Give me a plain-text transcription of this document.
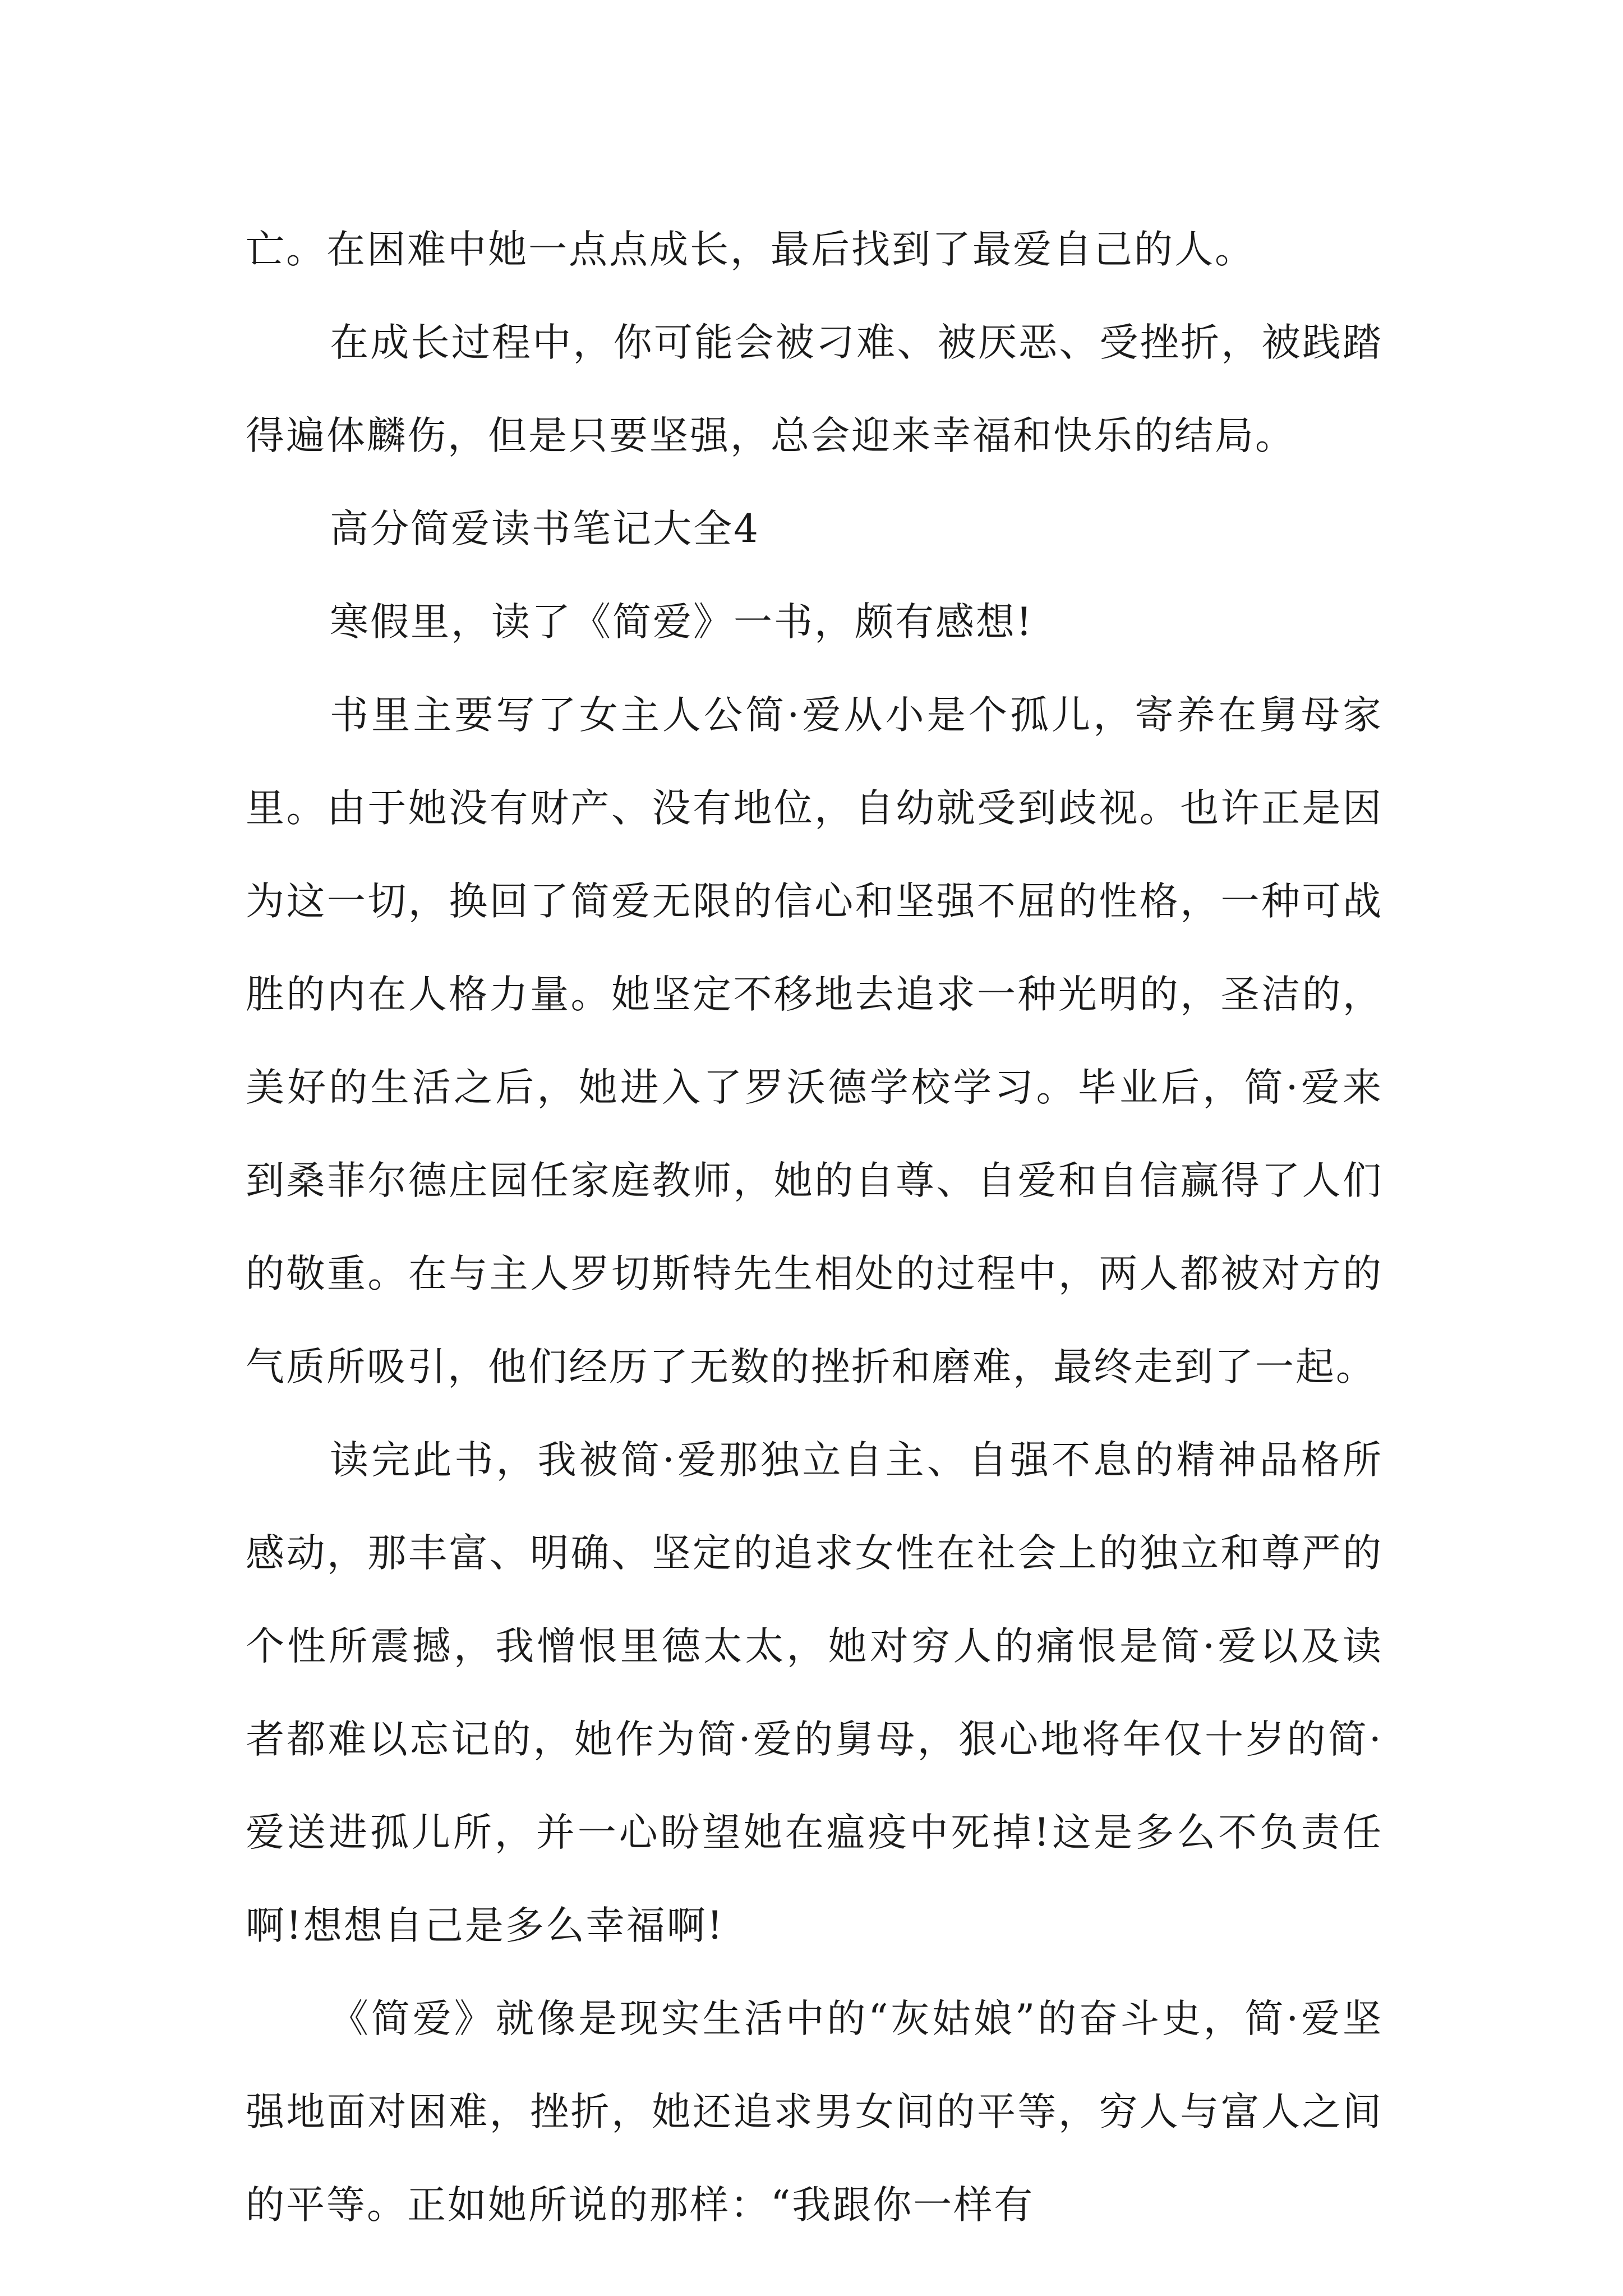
亡。在困难中她一点点成长，最后找到了最爱自己的人。

在成长过程中，你可能会被刁难、被厌恶、受挫折，被践踏得遍体麟伤，但是只要坚强，总会迎来幸福和快乐的结局。

高分简爱读书笔记大全4

寒假里，读了《简爱》一书，颇有感想!

书里主要写了女主人公简·爱从小是个孤儿，寄养在舅母家里。由于她没有财产、没有地位，自幼就受到歧视。也许正是因为这一切，换回了简爱无限的信心和坚强不屈的性格，一种可战胜的内在人格力量。她坚定不移地去追求一种光明的，圣洁的，美好的生活之后，她进入了罗沃德学校学习。毕业后，简·爱来到桑菲尔德庄园任家庭教师，她的自尊、自爱和自信赢得了人们的敬重。在与主人罗切斯特先生相处的过程中，两人都被对方的气质所吸引，他们经历了无数的挫折和磨难，最终走到了一起。

读完此书，我被简·爱那独立自主、自强不息的精神品格所感动，那丰富、明确、坚定的追求女性在社会上的独立和尊严的个性所震撼，我憎恨里德太太，她对穷人的痛恨是简·爱以及读者都难以忘记的，她作为简·爱的舅母，狠心地将年仅十岁的简·爱送进孤儿所，并一心盼望她在瘟疫中死掉!这是多么不负责任啊!想想自己是多么幸福啊!

《简爱》就像是现实生活中的“灰姑娘”的奋斗史，简·爱坚强地面对困难，挫折，她还追求男女间的平等，穷人与富人之间的平等。正如她所说的那样：“我跟你一样有
